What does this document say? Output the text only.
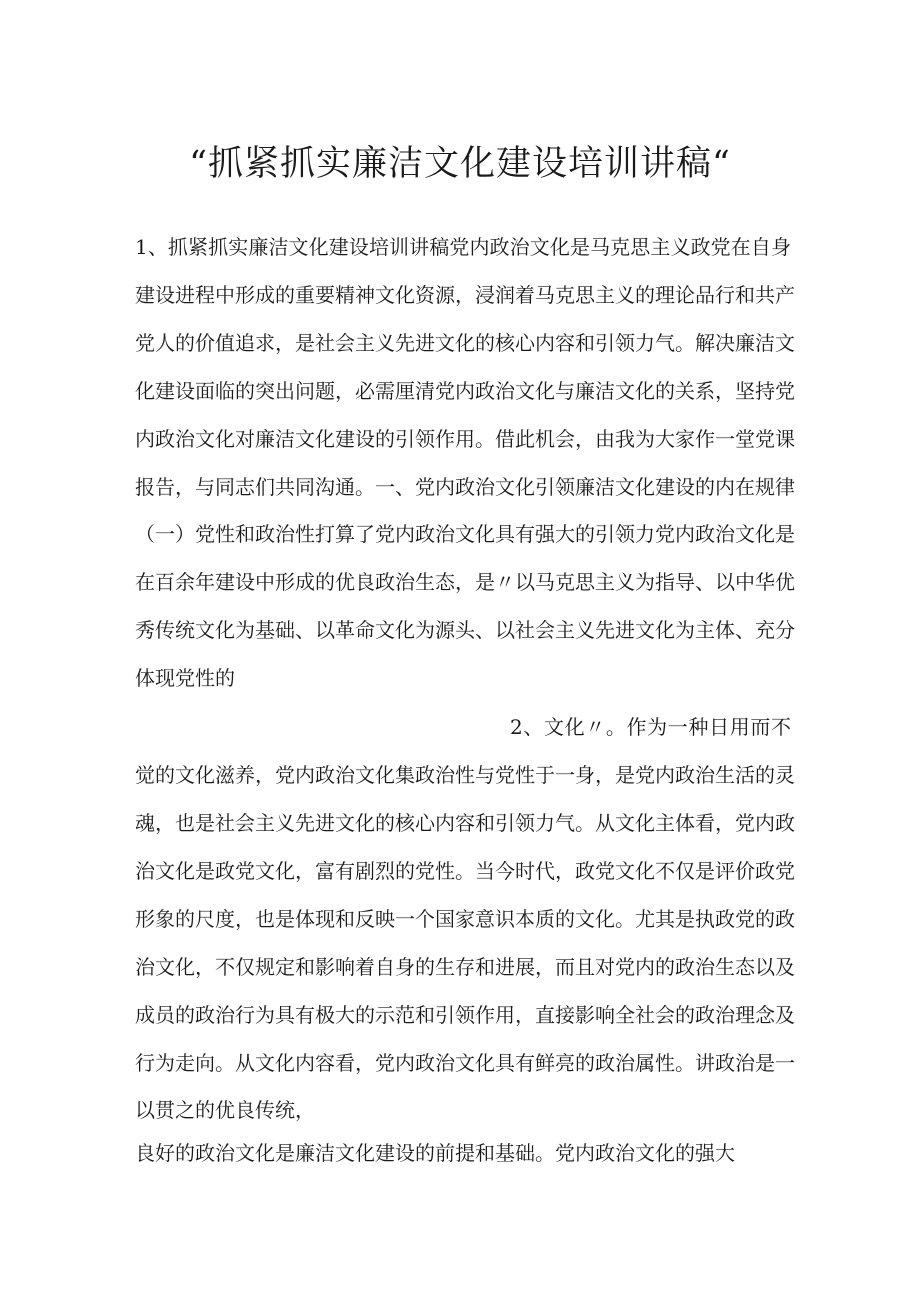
“抓紧抓实廉洁文化建设培训讲稿“
1、抓紧抓实廉洁文化建设培训讲稿党内政治文化是马克思主义政党在自身
建设进程中形成的重要精神文化资源，浸润着马克思主义的理论品行和共产
党人的价值追求，是社会主义先进文化的核心内容和引领力气。解决廉洁文
化建设面临的突出问题，必需厘清党内政治文化与廉洁文化的关系，坚持党
内政治文化对廉洁文化建设的引领作用。借此机会，由我为大家作一堂党课
报告，与同志们共同沟通。一、党内政治文化引领廉洁文化建设的内在规律
（一）党性和政治性打算了党内政治文化具有强大的引领力党内政治文化是
在百余年建设中形成的优良政治生态，是〃以马克思主义为指导、以中华优
秀传统文化为基础、以革命文化为源头、以社会主义先进文化为主体、充分
体现党性的
2、文化〃。作为一种日用而不
觉的文化滋养，党内政治文化集政治性与党性于一身，是党内政治生活的灵
魂，也是社会主义先进文化的核心内容和引领力气。从文化主体看，党内政
治文化是政党文化，富有剧烈的党性。当今时代，政党文化不仅是评价政党
形象的尺度，也是体现和反映一个国家意识本质的文化。尤其是执政党的政
治文化，不仅规定和影响着自身的生存和进展，而且对党内的政治生态以及
成员的政治行为具有极大的示范和引领作用，直接影响全社会的政治理念及
行为走向。从文化内容看，党内政治文化具有鲜亮的政治属性。讲政治是一
以贯之的优良传统，
良好的政治文化是廉洁文化建设的前提和基础。党内政治文化的强大
